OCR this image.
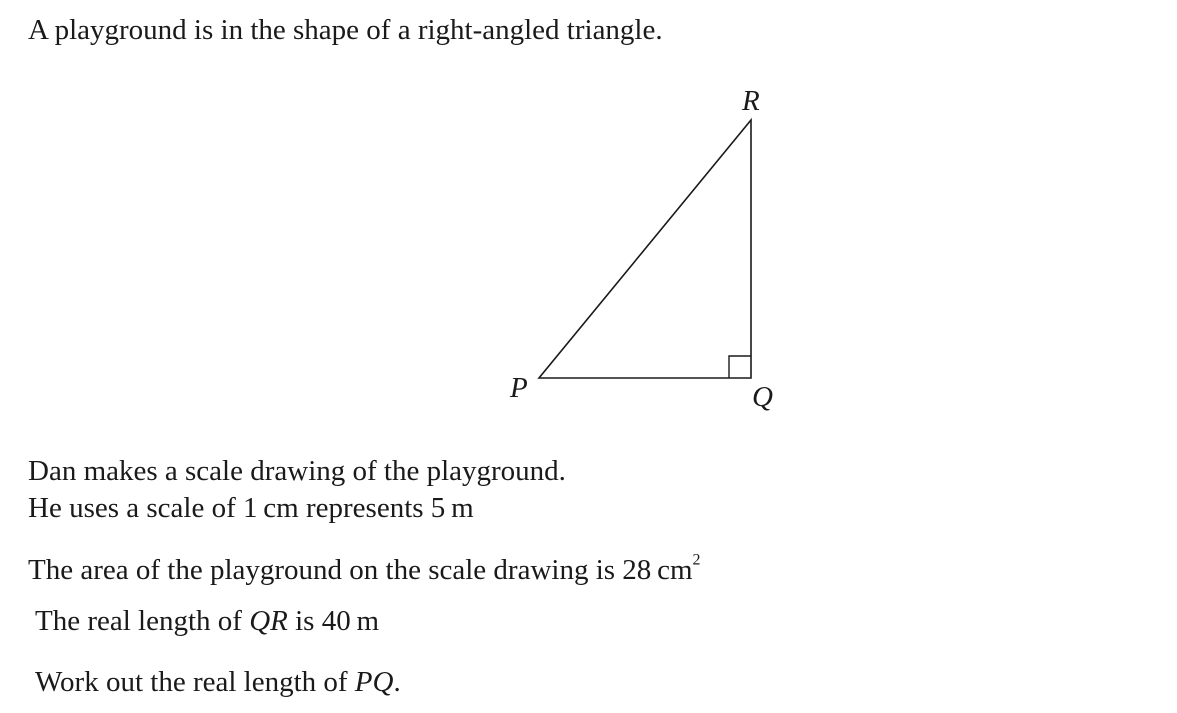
A playground is in the shape of a right-angled triangle.
P	Q
R
Dan makes a scale drawing of the playground.
He uses a scale of 1 cm represents 5 m
The area of the playground on the scale drawing is 28 $cm^2$
The real length of QR is 40 m
Work out the real length of PQ.
